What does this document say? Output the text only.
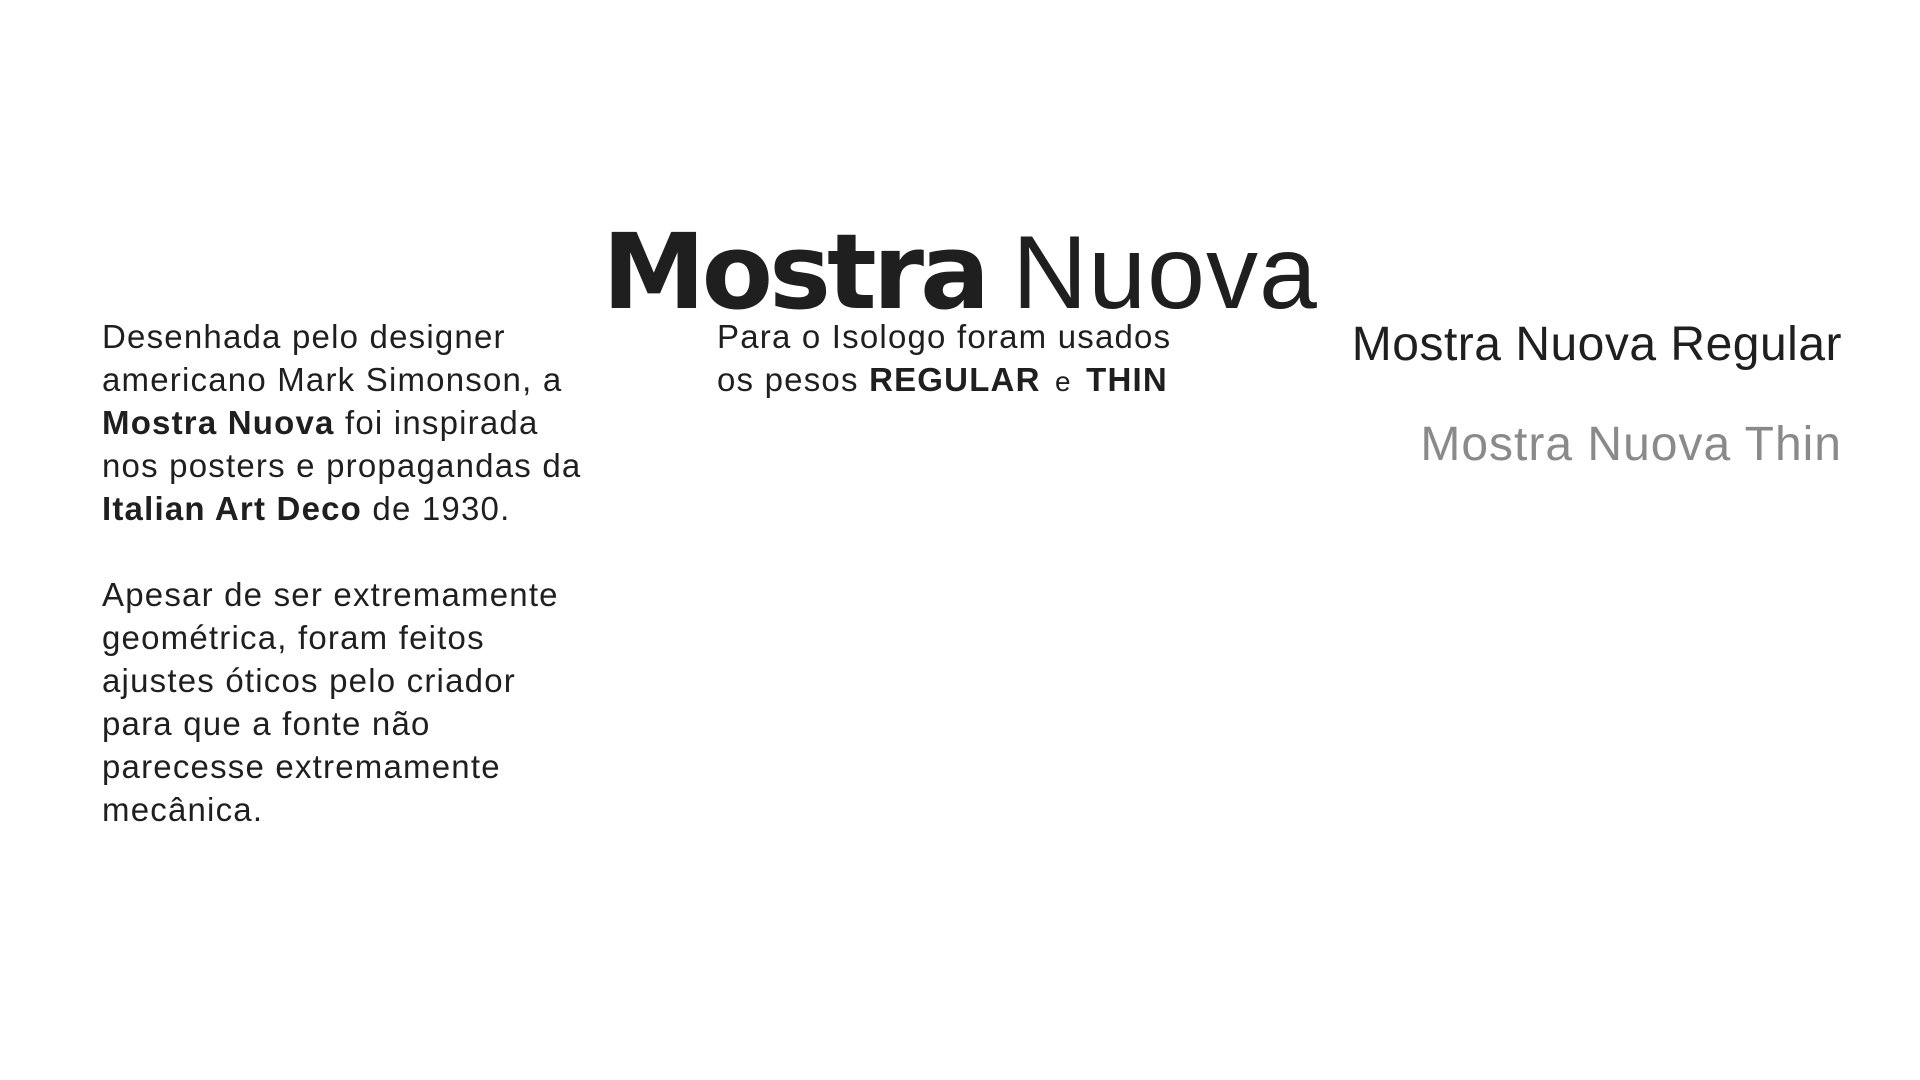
Mostra Nuova

Desenhada pelo designer
americano Mark Simonson, a
Mostra Nuova foi inspirada
nos posters e propagandas da
Italian Art Deco de 1930.

Apesar de ser extremamente
geométrica, foram feitos
ajustes óticos pelo criador
para que a fonte não
parecesse extremamente
mecânica.

Para o Isologo foram usados
os pesos REGULAR e THIN

Mostra Nuova Regular
Mostra Nuova Thin
